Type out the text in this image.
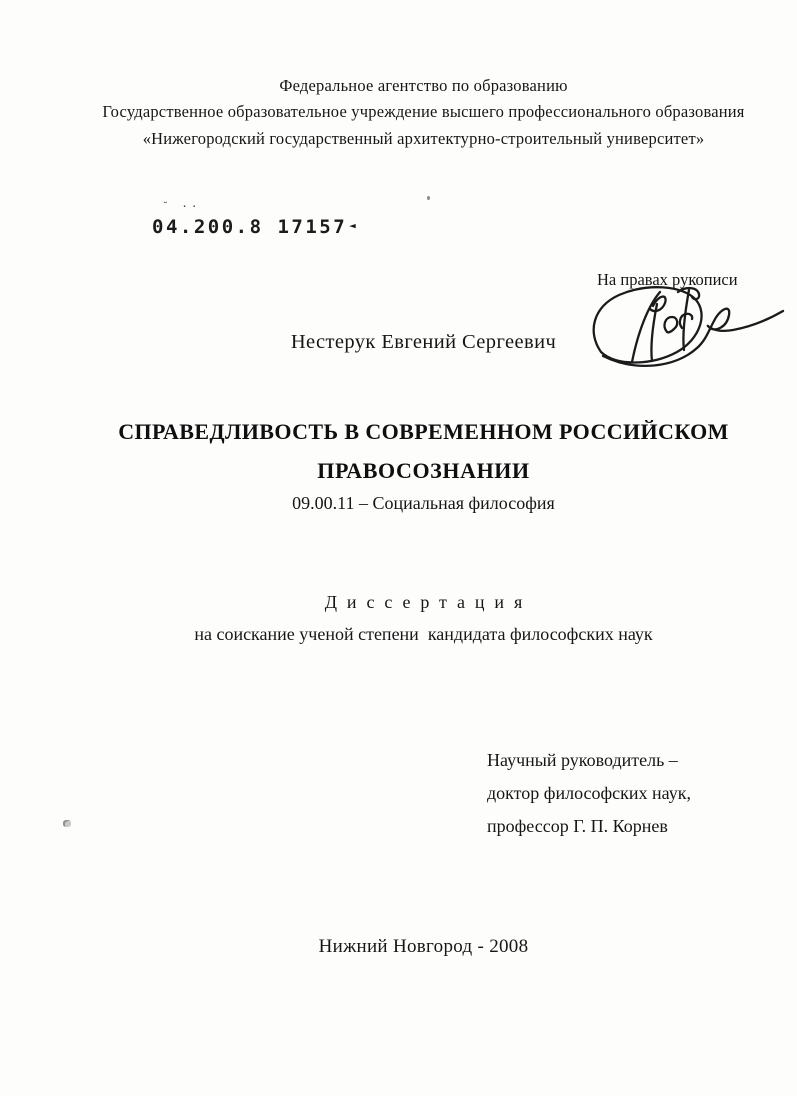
Федеральное агентство по образованию
Государственное образовательное учреждение высшего профессионального образования
«Нижегородский государственный архитектурно-строительный университет»
˘ ··
04.200.8 17157 ◄
На правах рукописи
Нестерук Евгений Сергеевич
СПРАВЕДЛИВОСТЬ В СОВРЕМЕННОМ РОССИЙСКОМ
ПРАВОСОЗНАНИИ
09.00.11 – Социальная философия
Диссертация
на соискание ученой степени  кандидата философских наук
Научный руководитель –
доктор философских наук,
профессор Г. П. Корнев
Нижний Новгород - 2008
